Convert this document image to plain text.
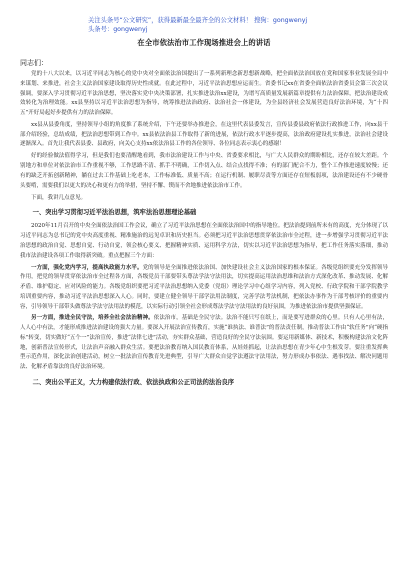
关注头条号“公文研究”，获得最新最全最齐全的公文材料！ 搜狗：gongwenyj
头条号：gongwenyj
在全市依法治市工作现场推进会上的讲话
同志们：

党的十八大以来，以习近平同志为核心的党中央对全面依法治国提出了一系列新理念新思想新战略，把全面依法治国放在党和国家事业发展全局中来谋划、来推进，社会主义法治国家建设取得历史性成就。在此过程中，习近平法治思想应运而生。省委书记xx在省委全面依法治省委员会第三次会议强调，要深入学习贯彻习近平法治思想，坚决落实党中央决策部署，扎实推进法治xx建设，为谱写高质量发展新篇章提供有力法治保障，把法治建设成效转化为治理效能。xx县坚持以习近平法治思想为指导，统筹推进法治政府、法治社会一体建设，为全县经济社会发展营造良好法治环境，为“十四五”开好局起好步提供有力的法治保障。

xx县从县委角度，坚持领导小组的角度推了系统介绍，下午还要举办推进会，在这里代表县委发言，宣传县委县政府依法行政推进工作，向xx县干部介绍经验，总结成绩，把法治思想带到工作中。xx县依法治县工作取得了新的进展，依法行政水平逐步提高，法治政府建设扎实推进，法治社会建设逐渐深入。首先让我代表县委、县政府，向关心支持xx依法治县工作的各位领导、各位同志表示衷心的感谢！

好的经验做法值得学习，但是我们也要清醒地看到，我市法治建设工作与中央、省委要求相比，与广大人民群众的期盼相比，还存在较大差距。个别地方和单位对依法治市工作重视不够，工作思路不清、抓手不明确，工作切入点、结合点找得不准；有的部门配合不力，整个工作推进速度较慢；还有的缺乏开拓创新精神，躺在过去工作基础上吃老本，工作标准低、质量不高；在运行机制、履职尽责等方面还存在短板弱项，法治建设还有不少硬骨头要啃，需要我们以更大的决心和更有力的举措，坚持不懈、锲而不舍地推进依法治市工作。

下面，我讲几点意见。

一、突出学习贯彻习近平法治思想，筑牢法治思想理论基础

2020年11月召开的中央全面依法治国工作会议，确立了习近平法治思想在全面依法治国中的指导地位。把法治提到前所未有的高度，充分体现了以习近平同志为总书记的党中央高度重视、精准施治的远见卓识和历史担当。必须把习近平法治思想贯穿依法治市全过程，进一步增强学习贯彻习近平法治思想的政治自觉、思想自觉、行动自觉，领会核心要义、把握精神实质、运用科学方法，切实以习近平法治思想为指导，把工作任务落实落细，推动我市法治建设各项工作取得新突破。重点把握三个方面：

一方面，强化党内学习，提高执政能力水平。党的领导是全面推进依法治国、加快建设社会主义法治国家的根本保证。各级党组织要充分发挥领导作用，把党的领导贯穿依法治市全过程各方面，各级党员干部要带头尊法学法守法用法，切实提高运用法治思维和法治方式深化改革、推动发展、化解矛盾、维护稳定、应对风险的能力。各级党组织要把习近平法治思想纳入党委（党组）理论学习中心组学习内容，列入党校、行政学院和干部学院教学培训重要内容，推动习近平法治思想深入人心。同时，要建立健全领导干部学法用法制度，完善学法考法机制，把依法办事作为干部考核评价的重要内容，引导领导干部带头做尊法学法守法用法的模范，以实际行动引领全社会形成尊法学法守法用法的良好氛围，为推进依法治市提供坚强保证。

另一方面，推进全民守法，培养全社会法治精神。依法治市，基础是全民守法。法治不能只写在纸上，而是要写进群众的心里。只有人心里有法，人人心中有法，才能形成推进法治建设的强大力量。要深入开展法治宣传教育，实施“谁执法、谁普法”的普法责任制，推动普法工作由“软任务”向“硬指标”转变，切实做好“五个一”法治宣传，推进“法律七进”活动，夯实群众基础，营造良好的全民守法氛围。要运用新媒体、新技术，积极构建法治文化阵地，创新普法宣传形式，让法治声音融入群众生活。要把法治教育纳入国民教育体系，从娃娃抓起，让法治思想在青少年心中生根发芽。要注重发挥典型示范作用，深化法治创建活动，树立一批法治宣传教育先进典型，引导广大群众自觉学法遵法守法用法，努力形成办事依法、遇事找法、解决问题用法、化解矛盾靠法的良好法治环境。

二、突出公平正义，大力构建依法行政、依法执政和公正司法的法治良序
